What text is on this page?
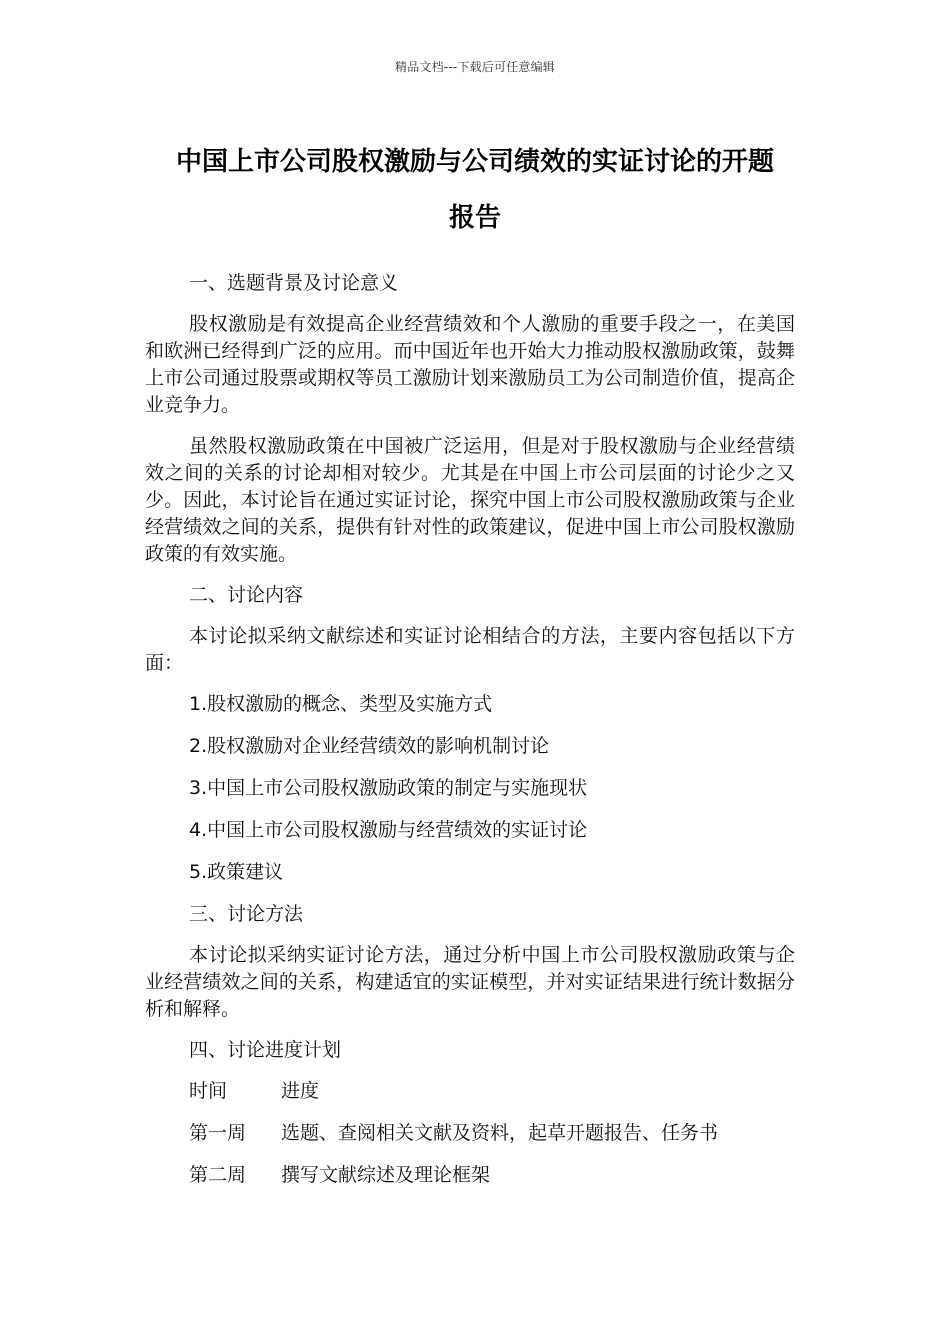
精品文档---下载后可任意编辑
中国上市公司股权激励与公司绩效的实证讨论的开题
报告

一、选题背景及讨论意义

股权激励是有效提高企业经营绩效和个人激励的重要手段之一，在美国和欧洲已经得到广泛的应用。而中国近年也开始大力推动股权激励政策，鼓舞上市公司通过股票或期权等员工激励计划来激励员工为公司制造价值，提高企业竞争力。

虽然股权激励政策在中国被广泛运用，但是对于股权激励与企业经营绩效之间的关系的讨论却相对较少。尤其是在中国上市公司层面的讨论少之又少。因此，本讨论旨在通过实证讨论，探究中国上市公司股权激励政策与企业经营绩效之间的关系，提供有针对性的政策建议，促进中国上市公司股权激励政策的有效实施。

二、讨论内容

本讨论拟采纳文献综述和实证讨论相结合的方法，主要内容包括以下方面：

1.股权激励的概念、类型及实施方式

2.股权激励对企业经营绩效的影响机制讨论

3.中国上市公司股权激励政策的制定与实施现状

4.中国上市公司股权激励与经营绩效的实证讨论

5.政策建议

三、讨论方法

本讨论拟采纳实证讨论方法，通过分析中国上市公司股权激励政策与企业经营绩效之间的关系，构建适宜的实证模型，并对实证结果进行统计数据分析和解释。

四、讨论进度计划

时间	进度
第一周	选题、查阅相关文献及资料，起草开题报告、任务书
第二周	撰写文献综述及理论框架
